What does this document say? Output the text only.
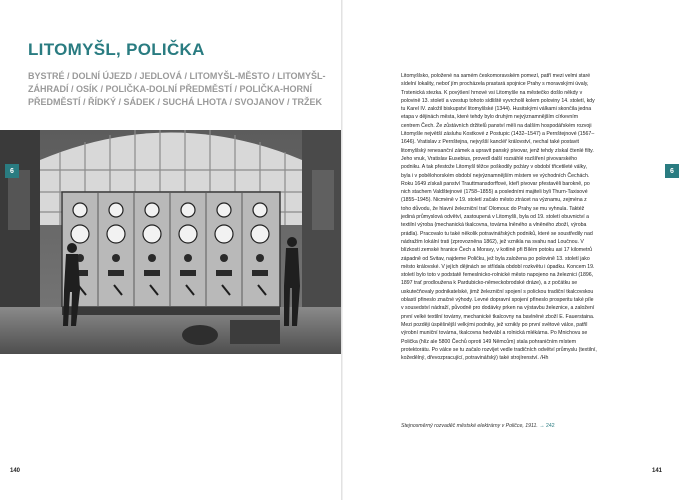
LITOMYŠL, POLIČKA

BYSTRÉ / DOLNÍ ÚJEZD / JEDLOVÁ / LITOMYŠL-MĚSTO / LITOMYŠL-ZÁHRADÍ / OSÍK / POLIČKA-DOLNÍ PŘEDMĚSTÍ / POLIČKA-HORNÍ PŘEDMĚSTÍ / ŘÍDKÝ / SÁDEK / SUCHÁ LHOTA / SVOJANOV / TRŽEK

6
140

Litomyšlsko, položené na samém českomoravském pomezí, patří mezi velmi staré sídelní lokality, neboť jím procházela prastará spojnice Prahy s moravskými úvaly, Trstenická stezka. K povýšení hrnové vsi Litomyšle na městečko došlo někdy v polovině 13. století a vzestup tohoto sídliště vyvrcholil kolem poloviny 14. století, kdy tu Karel IV. založil biskupství litomyšlské (1344). Husitskými válkami skončila jedna etapa v dějinách města, které tehdy bylo druhým nejvýznamnějším církevním centrem Čech. Že zůstávních držitelů panství měli na dalším hospodářském rozvoji Litomyšle největší zásluhu Kostkové z Postupic (1432–1547) a Pernštejnové (1567–1646). Vratislav z Pernštejna, nejvyšší kancléř království, nechal také postavit litomyšlský renesanční zámek a upravit panský pivovar, jenž tehdy získal čtenlé filty. Jeho vnuk, Vratislav Eusebius, provedl další rozsáhlé rozšíření pivovarského podniku. A tak přestože Litomyšl těžce poškodily požáry v období třicetileté války, byla i v pobělohorském období nejvýznamnějším místem ve východních Čechách. Roku 1649 získali panství Trauttmansdorffové, kteří pivovar přestavěli barokně, po nich stachem Valdštejnové (1758–1855) a posledními majiteli byli Thurn-Taxisové (1855–1945). Nicméně v 19. století začalo město ztrácet na významu, zejména z toho důvodu, že hlavní železniční trať Olomouc do Prahy se mu vyhnula. Taktéž jediná průmyslová odvětví, zastoupená v Litomyšli, byla od 19. století obuvnictví a textilní výroba (mechanická tkalcovna, továrna lněného a vlněného zboží, výroba prádla). Pracovalo tu také několik potravinářských podniků, které se soustředily nad nádražím lokální trati (zprovozněna 1862), jež vznikla na svahu nad Loučnou. V blízkosti zemské hranice Čech a Moravy, v kotlině při Bílém potoku asi 17 kilometrů západně od Svitav, najdeme Poličku, jež byla založena po polovině 13. století jako město královské. V jejích dějinách se střídala období rozkvětu i úpadku. Koncem 19. století bylo toto v podstatě řemeslnicko-rolnické město napojeno na železnici (1896, 1897 trať prodloužena k Pardubicko-německobrodské dráze), a z počátku se uskutečňovaly podnikatelské, jimž železniční spojení s polickou tradiční tkalcovskou oblastí přineslo značné výhody. Levné dopravní spojení přineslo prosperitu také píle v sousedství nádraží, původně pro dodávky prken na výstavbu železnice, a založení první velké textilní továrny, mechanické tkalcovny na bavlněné zboží E. Fauerstaina. Mezi později úspěšnější velkými podniky, jež vznikly po první světové válce, patřil výrobní muniční továrna, tkalcovna hedvábí a rolnická mlékárna. Po Mnichovu se Polička (hlíz ale 5800 Čechů oproti 149 Němcům) stala pohraničním místem protektorátu. Po válce se tu začalo rozvíjet vedle tradičních odvětví průmyslu (textilní, kožedělný, dřevozpracující, potravinářský) také strojírenství. /Hh

Stejnosměrný rozvaděč městské elektrárny v Poličce, 1911. → 242

141
6
